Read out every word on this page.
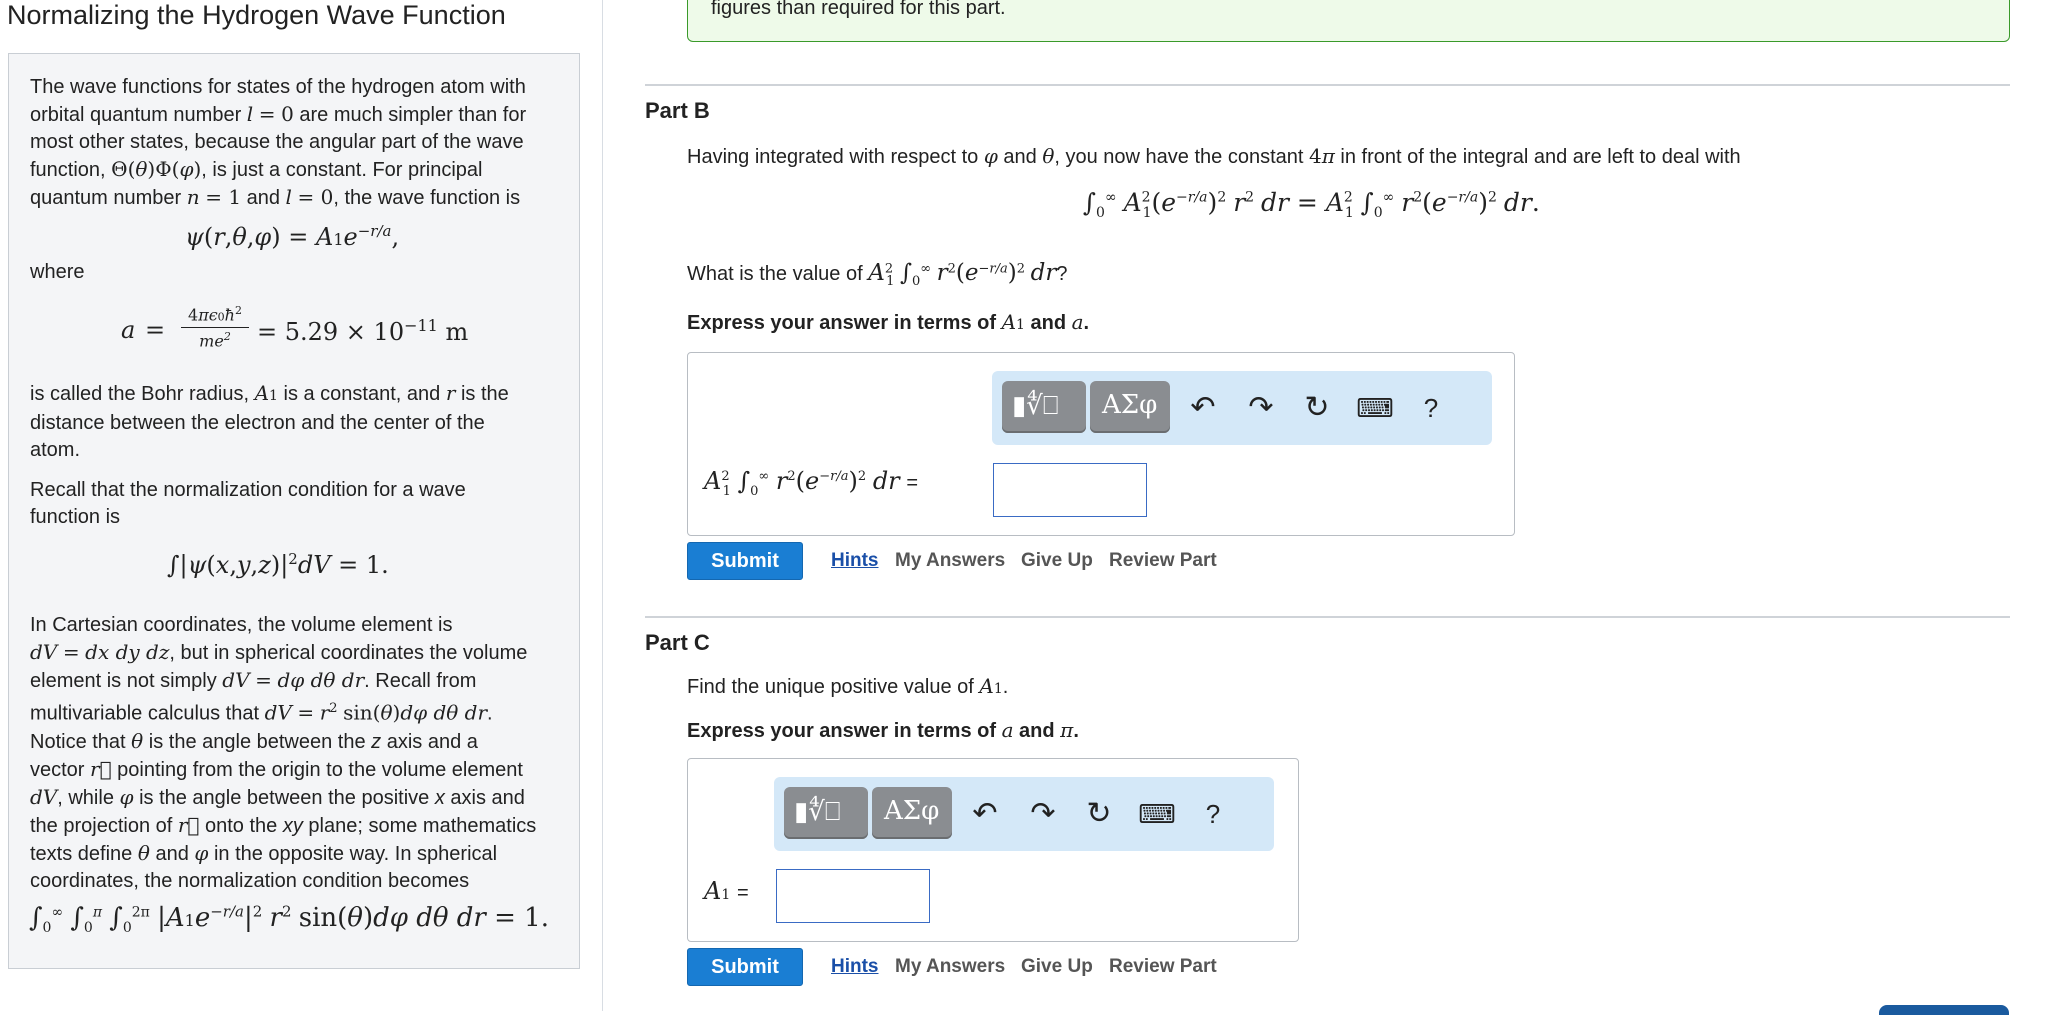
Normalizing the Hydrogen Wave Function
The wave functions for states of the hydrogen atom with
orbital quantum number l = 0 are much simpler than for
most other states, because the angular part of the wave
function, Θ(θ)Φ(φ), is just a constant. For principal
quantum number n = 1 and l = 0, the wave function is
$\psi(r,\theta,\varphi) = A1e^{-r/a}$,
where
a =
$4\pi\epsilon 0ħ^2$
$me^2$	= $5.29 \times 10^{-11}$ m
is called the Bohr radius, A1 is a constant, and r is the
distance between the electron and the center of the
atom.
Recall that the normalization condition for a wave
function is
$\int|\psi(x,y,z)|^2dV = 1$.
In Cartesian coordinates, the volume element is
dV = dx dy dz, but in spherical coordinates the volume
element is not simply dV = dφ dθ dr. Recall from
multivariable calculus that dV = $r^2$ sin(θ)dφ dθ dr.
Notice that θ is the angle between the z axis and a
vector r⃗ pointing from the origin to the volume element
dV, while φ is the angle between the positive x axis and
the projection of r⃗ onto the xy plane; some mathematics
texts define θ and φ in the opposite way. In spherical
coordinates, the normalization condition becomes
$\int_0^\infty$ $\int_0^\pi$ $\int_0^{2\pi}$ $|A1e^{-r/a}|^2$ $r^2$ sin(θ)dφ dθ dr = 1.
figures than required for this part.
Part B
Having integrated with respect to φ and θ, you now have the constant 4π in front of the integral and are left to deal with
$\int_0^\infty$ $A^2_1(e^{-r/a})^2$ $r^2$ dr = $A^2_1$ $\int_0^\infty$ $r^2(e^{-r/a})^2$ dr.
What is the value of $A^2_1$ $\int_0^\infty$ $r^2(e^{-r/a})^2$ dr?
Express your answer in terms of A1 and a.
▮∜⎕ ΑΣφ ↶ ↷ ↻ ⌨	?
$A^2_1$ $\int_0^\infty$ $r^2(e^{-r/a})^2$ dr =
Submit	Hints My Answers Give Up Review Part
Part C
Find the unique positive value of A1.
Express your answer in terms of a and π.
▮∜⎕ ΑΣφ ↶ ↷ ↻ ⌨	?
A1 =
Submit	Hints My Answers Give Up Review Part
